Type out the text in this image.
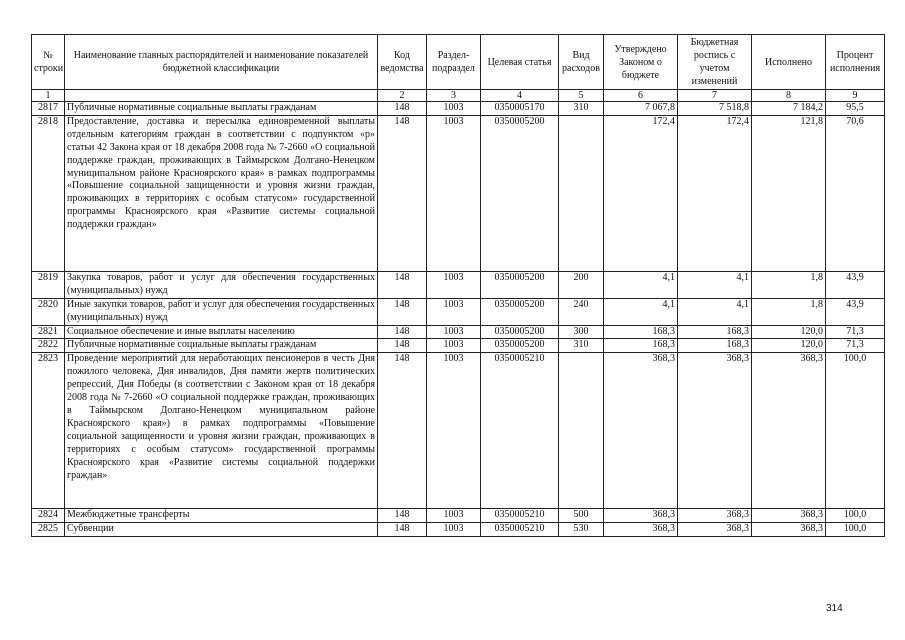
№ строки	Наименование главных распорядителей и наименование показателей бюджетной классификации	Код ведомства	Раздел-подраздел	Целевая статья	Вид расходов	Утверждено Законом о бюджете	Бюджетная роспись с учетом изменений	Исполнено	Процент исполнения
1		2	3	4	5	6	7	8	9
2817	Публичные нормативные социальные выплаты гражданам	148	1003	0350005170	310	7 067,8	7 518,8	7 184,2	95,5
2818	Предоставление, доставка и пересылка единовременной выплаты отдельным категориям граждан в соответствии с подпунктом «р» статьи 42 Закона края от 18 декабря 2008 года № 7-2660 «О социальной поддержке граждан, проживающих в Таймырском Долгано-Ненецком муниципальном районе Красноярского края» в рамках подпрограммы «Повышение социальной защищенности и уровня жизни граждан, проживающих в территориях с особым статусом» государственной программы Красноярского края «Развитие системы социальной поддержки граждан»	148	1003	0350005200		172,4	172,4	121,8	70,6
2819	Закупка товаров, работ и услуг для обеспечения государственных (муниципальных) нужд	148	1003	0350005200	200	4,1	4,1	1,8	43,9
2820	Иные закупки товаров, работ и услуг для обеспечения государственных (муниципальных) нужд	148	1003	0350005200	240	4,1	4,1	1,8	43,9
2821	Социальное обеспечение и иные выплаты населению	148	1003	0350005200	300	168,3	168,3	120,0	71,3
2822	Публичные нормативные социальные выплаты гражданам	148	1003	0350005200	310	168,3	168,3	120,0	71,3
2823	Проведение мероприятий для неработающих пенсионеров в честь Дня пожилого человека, Дня инвалидов, Дня памяти жертв политических репрессий, Дня Победы (в соответствии с Законом края от 18 декабря 2008 года № 7-2660 «О социальной поддержке граждан, проживающих в Таймырском Долгано-Ненецком муниципальном районе Красноярского края») в рамках подпрограммы «Повышение социальной защищенности и уровня жизни граждан, проживающих в территориях с особым статусом» государственной программы Красноярского края «Развитие системы социальной поддержки граждан»	148	1003	0350005210		368,3	368,3	368,3	100,0
2824	Межбюджетные трансферты	148	1003	0350005210	500	368,3	368,3	368,3	100,0
2825	Субвенции	148	1003	0350005210	530	368,3	368,3	368,3	100,0
314
